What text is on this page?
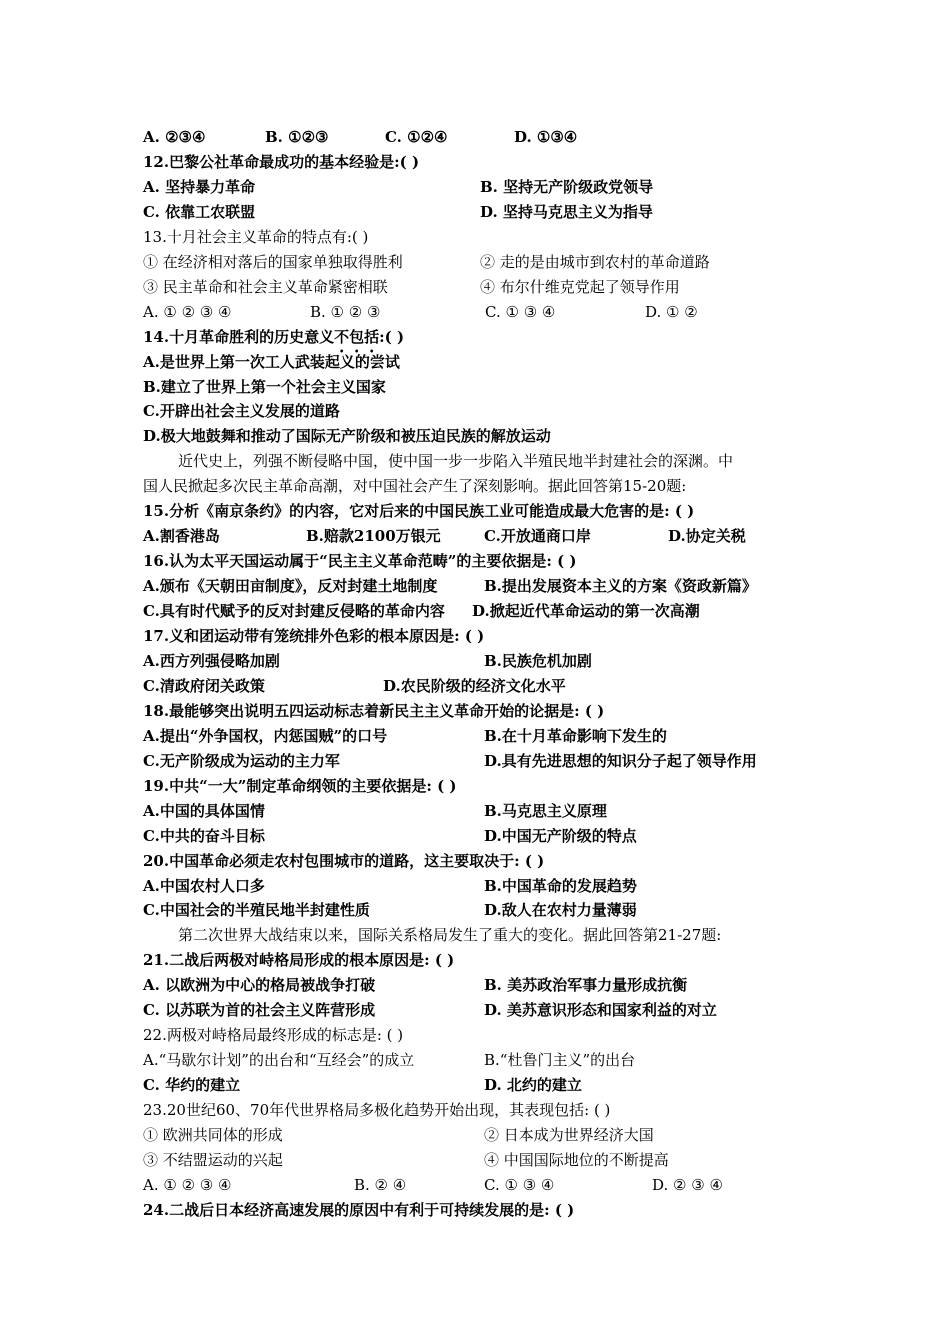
14.十月革命胜利的历史意义不包括:( )
A. ②③④	B. ①②③	C. ①②④	D. ①③④
12.巴黎公社革命最成功的基本经验是:( )
A. 坚持暴力革命	B. 坚持无产阶级政党领导
C. 依靠工农联盟	D. 坚持马克思主义为指导
13.十月社会主义革命的特点有:( )
① 在经济相对落后的国家单独取得胜利	② 走的是由城市到农村的革命道路
③ 民主革命和社会主义革命紧密相联	④ 布尔什维克党起了领导作用
A. ① ② ③ ④	B. ① ② ③	C. ① ③ ④	D. ① ②
A.是世界上第一次工人武装起义的尝试
B.建立了世界上第一个社会主义国家
C.开辟出社会主义发展的道路
D.极大地鼓舞和推动了国际无产阶级和被压迫民族的解放运动
近代史上，列强不断侵略中国，使中国一步一步陷入半殖民地半封建社会的深渊。中
国人民掀起多次民主革命高潮，对中国社会产生了深刻影响。据此回答第15-20题:
15.分析《南京条约》的内容，它对后来的中国民族工业可能造成最大危害的是: ( )
A.割香港岛	B.赔款2100万银元	C.开放通商口岸	D.协定关税
16.认为太平天国运动属于“民主主义革命范畴”的主要依据是: ( )
A.颁布《天朝田亩制度》，反对封建土地制度	B.提出发展资本主义的方案《资政新篇》
C.具有时代赋予的反对封建反侵略的革命内容 D.掀起近代革命运动的第一次高潮
17.义和团运动带有笼统排外色彩的根本原因是: ( )
A.西方列强侵略加剧	B.民族危机加剧
C.清政府闭关政策	D.农民阶级的经济文化水平
18.最能够突出说明五四运动标志着新民主主义革命开始的论据是: ( )
A.提出“外争国权，内惩国贼”的口号	B.在十月革命影响下发生的
C.无产阶级成为运动的主力军	D.具有先进思想的知识分子起了领导作用
19.中共“一大”制定革命纲领的主要依据是: ( )
A.中国的具体国情	B.马克思主义原理
C.中共的奋斗目标	D.中国无产阶级的特点
20.中国革命必须走农村包围城市的道路，这主要取决于: ( )
A.中国农村人口多	B.中国革命的发展趋势
C.中国社会的半殖民地半封建性质	D.敌人在农村力量薄弱
第二次世界大战结束以来，国际关系格局发生了重大的变化。据此回答第21-27题:
21.二战后两极对峙格局形成的根本原因是: ( )
A. 以欧洲为中心的格局被战争打破	B. 美苏政治军事力量形成抗衡
C. 以苏联为首的社会主义阵营形成	D. 美苏意识形态和国家利益的对立
22.两极对峙格局最终形成的标志是: ( )
A.“马歇尔计划”的出台和“互经会”的成立	B.“杜鲁门主义”的出台
C. 华约的建立	D. 北约的建立
23.20世纪60、70年代世界格局多极化趋势开始出现，其表现包括: ( )
① 欧洲共同体的形成	② 日本成为世界经济大国
③ 不结盟运动的兴起	④ 中国国际地位的不断提高
A. ① ② ③ ④	B. ② ④	C. ① ③ ④	D. ② ③ ④
24.二战后日本经济高速发展的原因中有利于可持续发展的是: ( )
